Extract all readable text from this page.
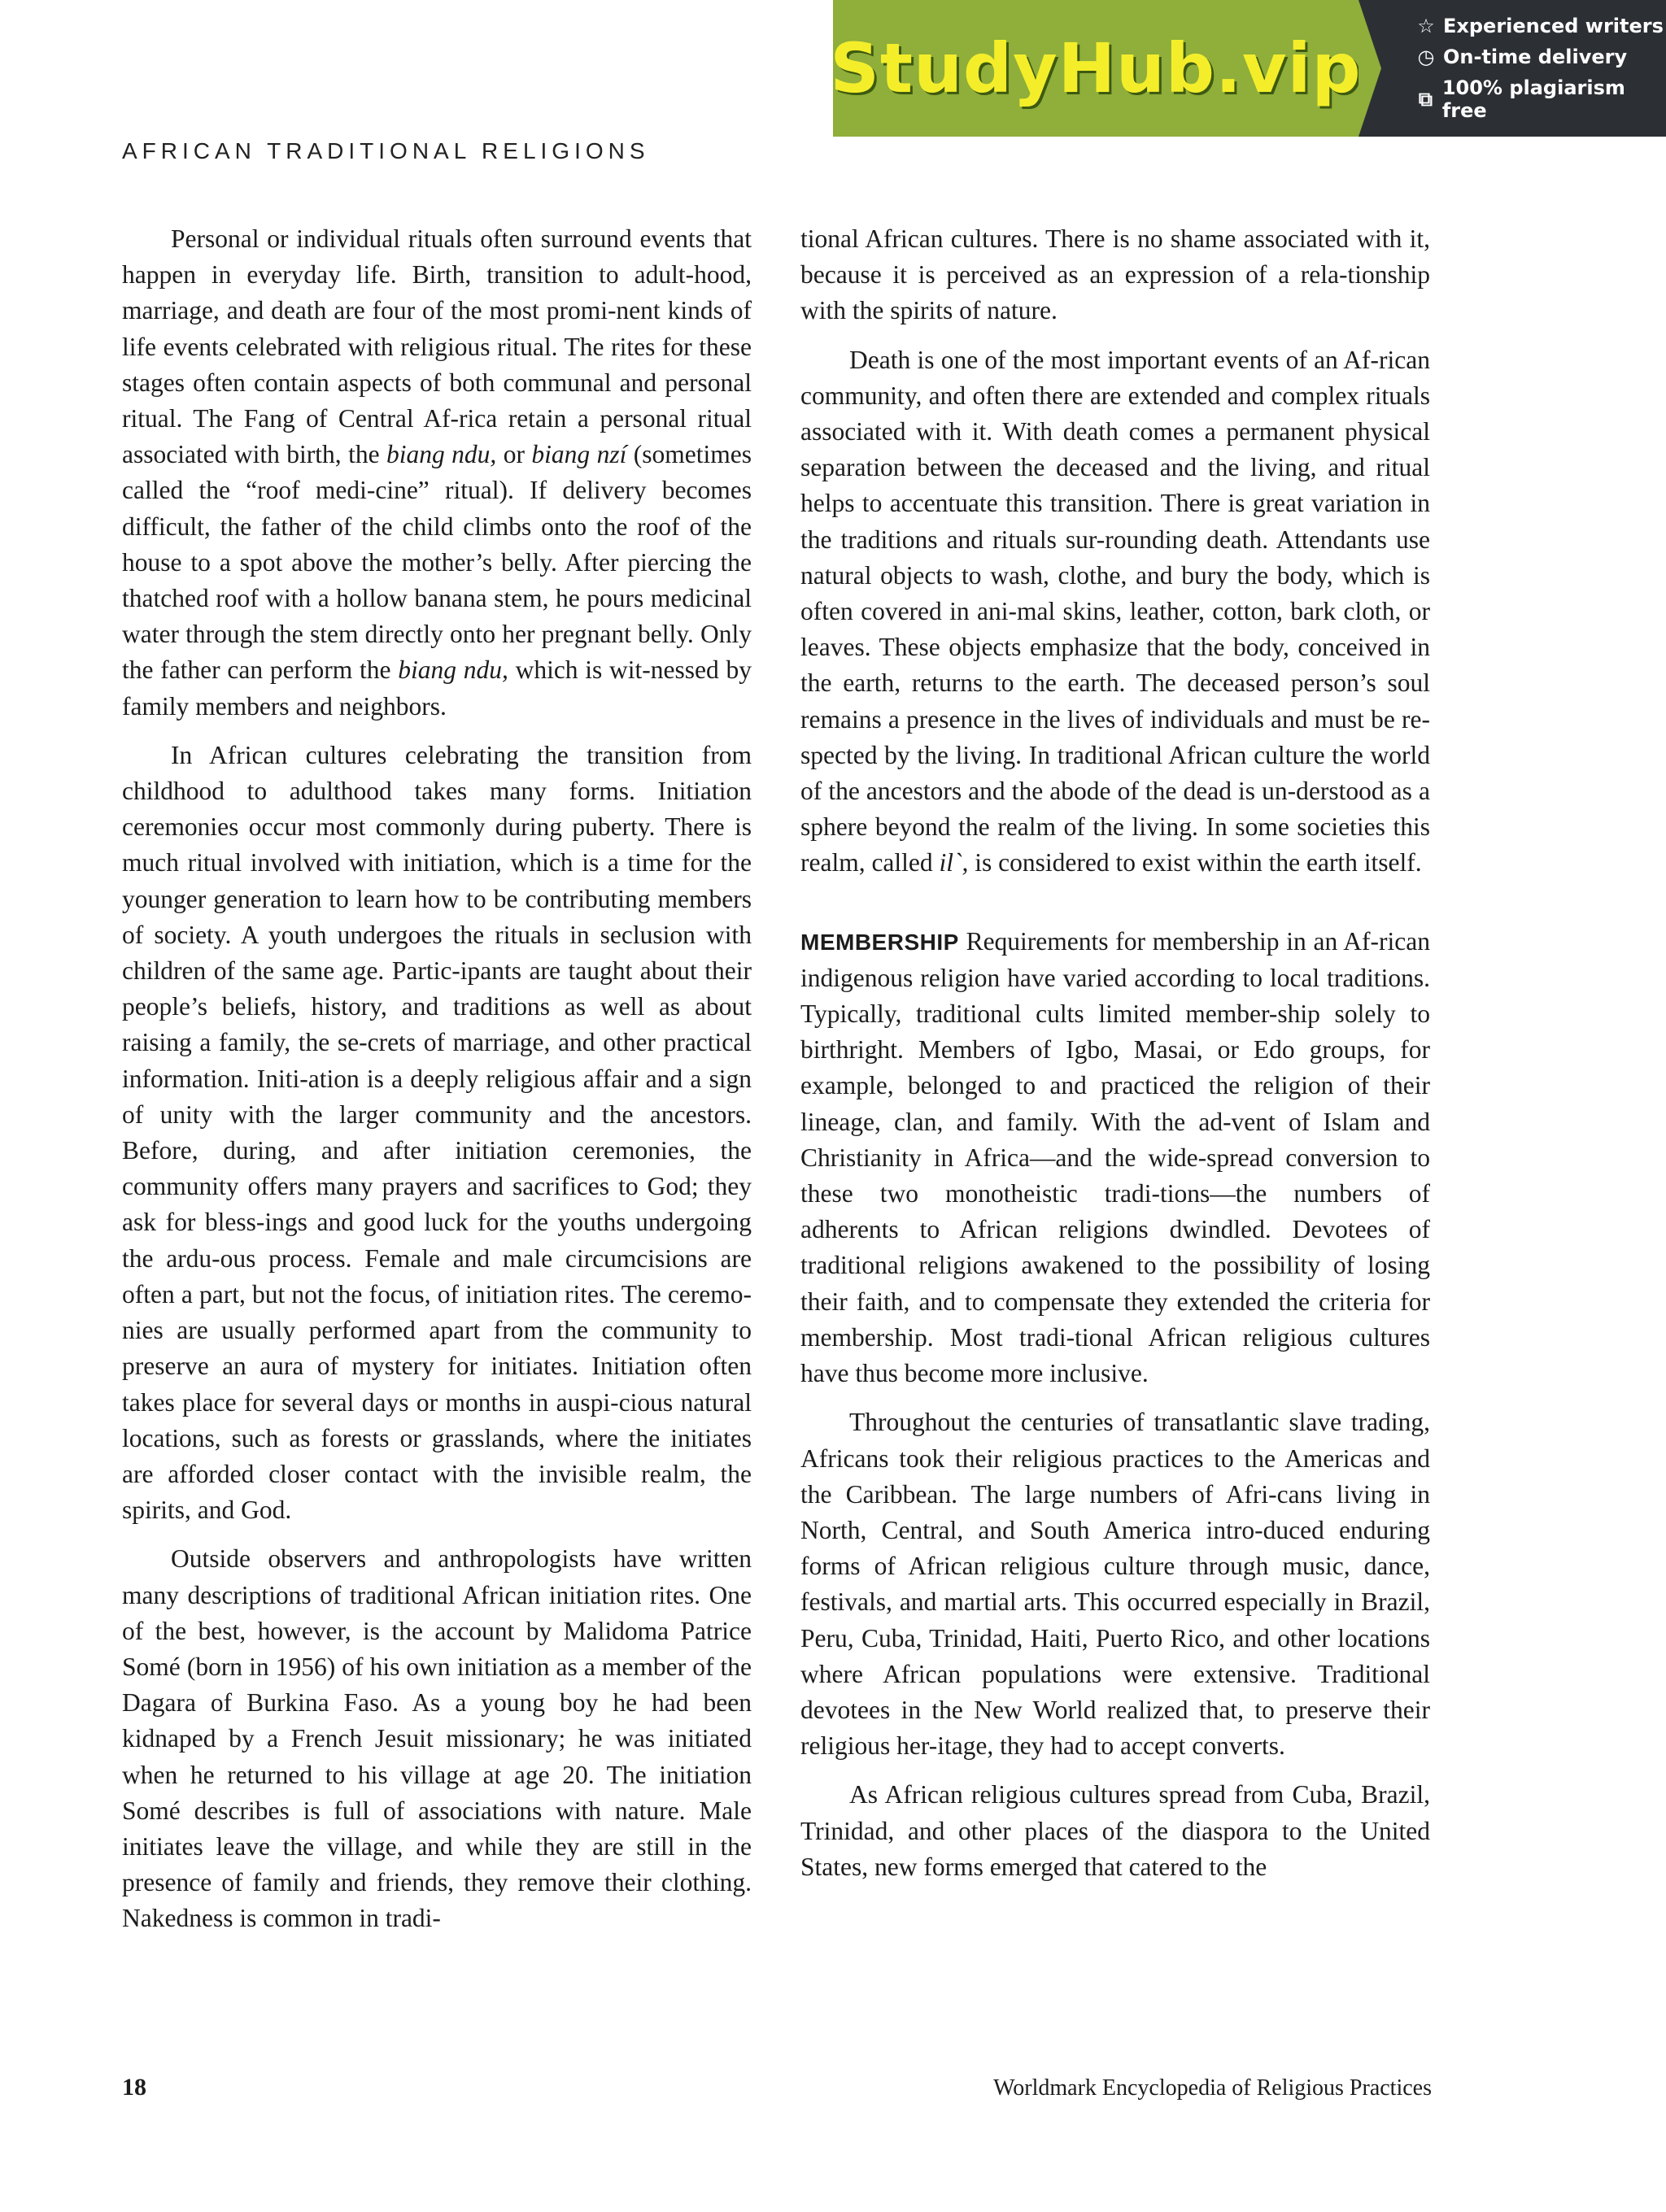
StudyHub.vip
☆ Experienced writers
◷ On-time delivery
⧉ 100% plagiarism free
AFRICAN TRADITIONAL RELIGIONS

Personal or individual rituals often surround events that happen in everyday life. Birth, transition to adult-hood, marriage, and death are four of the most promi-nent kinds of life events celebrated with religious ritual. The rites for these stages often contain aspects of both communal and personal ritual. The Fang of Central Af-rica retain a personal ritual associated with birth, the biang ndu, or biang nzí (sometimes called the “roof medi-cine” ritual). If delivery becomes difficult, the father of the child climbs onto the roof of the house to a spot above the mother’s belly. After piercing the thatched roof with a hollow banana stem, he pours medicinal water through the stem directly onto her pregnant belly. Only the father can perform the biang ndu, which is wit-nessed by family members and neighbors.

In African cultures celebrating the transition from childhood to adulthood takes many forms. Initiation ceremonies occur most commonly during puberty. There is much ritual involved with initiation, which is a time for the younger generation to learn how to be contributing members of society. A youth undergoes the rituals in seclusion with children of the same age. Partic-ipants are taught about their people’s beliefs, history, and traditions as well as about raising a family, the se-crets of marriage, and other practical information. Initi-ation is a deeply religious affair and a sign of unity with the larger community and the ancestors. Before, during, and after initiation ceremonies, the community offers many prayers and sacrifices to God; they ask for bless-ings and good luck for the youths undergoing the ardu-ous process. Female and male circumcisions are often a part, but not the focus, of initiation rites. The ceremo-nies are usually performed apart from the community to preserve an aura of mystery for initiates. Initiation often takes place for several days or months in auspi-cious natural locations, such as forests or grasslands, where the initiates are afforded closer contact with the invisible realm, the spirits, and God.

Outside observers and anthropologists have written many descriptions of traditional African initiation rites. One of the best, however, is the account by Malidoma Patrice Somé (born in 1956) of his own initiation as a member of the Dagara of Burkina Faso. As a young boy he had been kidnaped by a French Jesuit missionary; he was initiated when he returned to his village at age 20. The initiation Somé describes is full of associations with nature. Male initiates leave the village, and while they are still in the presence of family and friends, they remove their clothing. Nakedness is common in tradi-

tional African cultures. There is no shame associated with it, because it is perceived as an expression of a rela-tionship with the spirits of nature.

Death is one of the most important events of an Af-rican community, and often there are extended and complex rituals associated with it. With death comes a permanent physical separation between the deceased and the living, and ritual helps to accentuate this transition. There is great variation in the traditions and rituals sur-rounding death. Attendants use natural objects to wash, clothe, and bury the body, which is often covered in ani-mal skins, leather, cotton, bark cloth, or leaves. These objects emphasize that the body, conceived in the earth, returns to the earth. The deceased person’s soul remains a presence in the lives of individuals and must be re-spected by the living. In traditional African culture the world of the ancestors and the abode of the dead is un-derstood as a sphere beyond the realm of the living. In some societies this realm, called il`, is considered to exist within the earth itself.

MEMBERSHIP Requirements for membership in an Af-rican indigenous religion have varied according to local traditions. Typically, traditional cults limited member-ship solely to birthright. Members of Igbo, Masai, or Edo groups, for example, belonged to and practiced the religion of their lineage, clan, and family. With the ad-vent of Islam and Christianity in Africa—and the wide-spread conversion to these two monotheistic tradi-tions—the numbers of adherents to African religions dwindled. Devotees of traditional religions awakened to the possibility of losing their faith, and to compensate they extended the criteria for membership. Most tradi-tional African religious cultures have thus become more inclusive.

Throughout the centuries of transatlantic slave trading, Africans took their religious practices to the Americas and the Caribbean. The large numbers of Afri-cans living in North, Central, and South America intro-duced enduring forms of African religious culture through music, dance, festivals, and martial arts. This occurred especially in Brazil, Peru, Cuba, Trinidad, Haiti, Puerto Rico, and other locations where African populations were extensive. Traditional devotees in the New World realized that, to preserve their religious her-itage, they had to accept converts.

As African religious cultures spread from Cuba, Brazil, Trinidad, and other places of the diaspora to the United States, new forms emerged that catered to the

18	Worldmark Encyclopedia of Religious Practices
